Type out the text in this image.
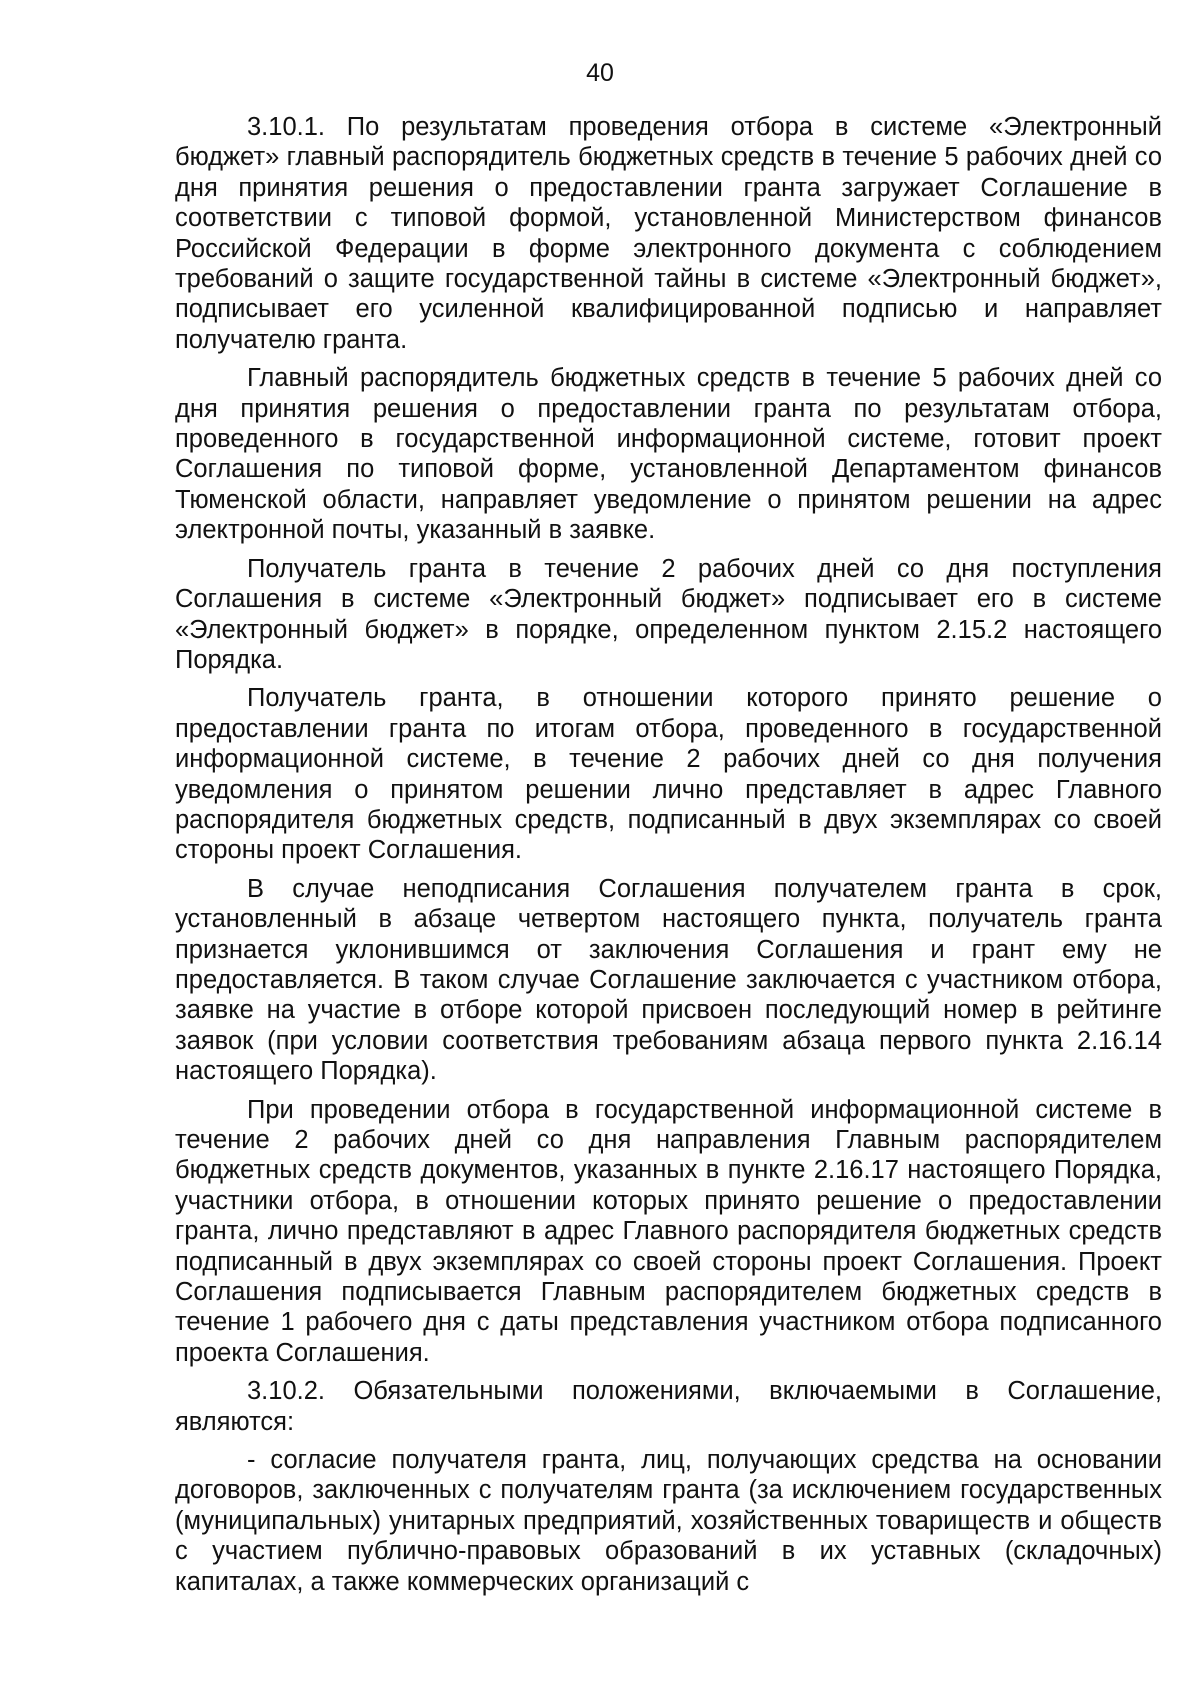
40

3.10.1. По результатам проведения отбора в системе «Электронный бюджет» главный распорядитель бюджетных средств в течение 5 рабочих дней со дня принятия решения о предоставлении гранта загружает Соглашение в соответствии с типовой формой, установленной Министерством финансов Российской Федерации в форме электронного документа с соблюдением требований о защите государственной тайны в системе «Электронный бюджет», подписывает его усиленной квалифицированной подписью и направляет получателю гранта.

Главный распорядитель бюджетных средств в течение 5 рабочих дней со дня принятия решения о предоставлении гранта по результатам отбора, проведенного в государственной информационной системе, готовит проект Соглашения по типовой форме, установленной Департаментом финансов Тюменской области, направляет уведомление о принятом решении на адрес электронной почты, указанный в заявке.

Получатель гранта в течение 2 рабочих дней со дня поступления Соглашения в системе «Электронный бюджет» подписывает его в системе «Электронный бюджет» в порядке, определенном пунктом 2.15.2 настоящего Порядка.

Получатель гранта, в отношении которого принято решение о предоставлении гранта по итогам отбора, проведенного в государственной информационной системе, в течение 2 рабочих дней со дня получения уведомления о принятом решении лично представляет в адрес Главного распорядителя бюджетных средств, подписанный в двух экземплярах со своей стороны проект Соглашения.

В случае неподписания Соглашения получателем гранта в срок, установленный в абзаце четвертом настоящего пункта, получатель гранта признается уклонившимся от заключения Соглашения и грант ему не предоставляется. В таком случае Соглашение заключается с участником отбора, заявке на участие в отборе которой присвоен последующий номер в рейтинге заявок (при условии соответствия требованиям абзаца первого пункта 2.16.14 настоящего Порядка).

При проведении отбора в государственной информационной системе в течение 2 рабочих дней со дня направления Главным распорядителем бюджетных средств документов, указанных в пункте 2.16.17 настоящего Порядка, участники отбора, в отношении которых принято решение о предоставлении гранта, лично представляют в адрес Главного распорядителя бюджетных средств подписанный в двух экземплярах со своей стороны проект Соглашения. Проект Соглашения подписывается Главным распорядителем бюджетных средств в течение 1 рабочего дня с даты представления участником отбора подписанного проекта Соглашения.

3.10.2. Обязательными положениями, включаемыми в Соглашение, являются:

- согласие получателя гранта, лиц, получающих средства на основании договоров, заключенных с получателям гранта (за исключением государственных (муниципальных) унитарных предприятий, хозяйственных товариществ и обществ с участием публично-правовых образований в их уставных (складочных) капиталах, а также коммерческих организаций с
